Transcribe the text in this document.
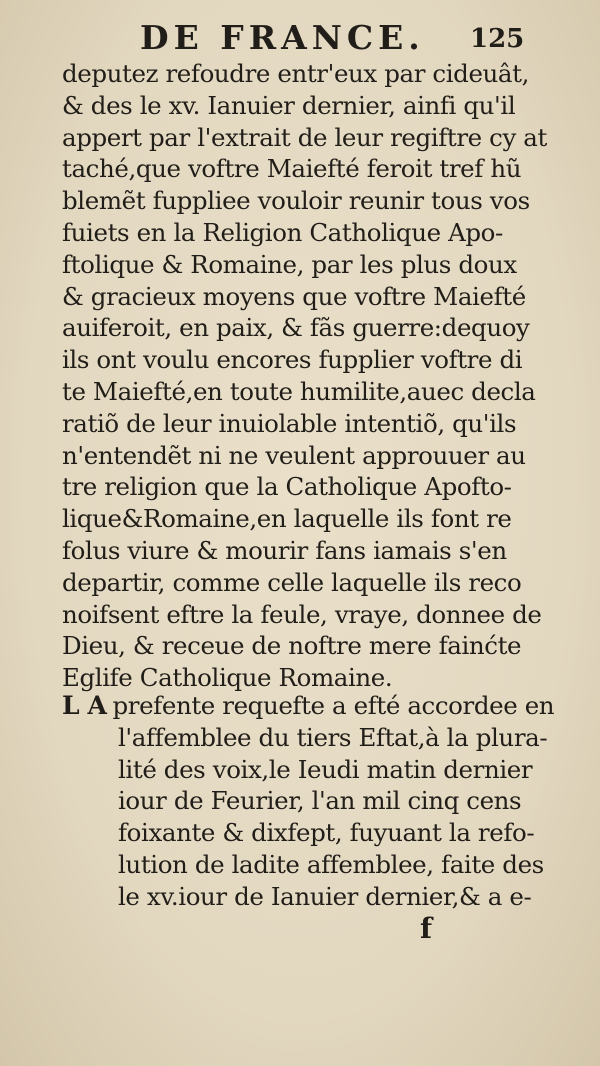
DE FRANCE. 125
deputez refoudre entr'eux par cideuât,
& des le xv. Ianuier dernier, ainfi qu'il
appert par l'extrait de leur regiftre cy at
taché,que voftre Maiefté feroit tref hũ
blemẽt fuppliee vouloir reunir tous vos
fuiets en la Religion Catholique Apo-
ftolique & Romaine, par les plus doux
& gracieux moyens que voftre Maiefté
auiferoit, en paix, & fãs guerre:dequoy
ils ont voulu encores fupplier voftre di
te Maiefté,en toute humilite,auec decla
ratiõ de leur inuiolable intentiõ, qu'ils
n'entendẽt ni ne veulent approuuer au
tre religion que la Catholique Apofto-
lique&Romaine,en laquelle ils font re
folus viure & mourir fans iamais s'en
departir, comme celle laquelle ils reco
noifsent eftre la feule, vraye, donnee de
Dieu, & receue de noftre mere fainćte
Eglife Catholique Romaine.
L A prefente requefte a efté accordee en
l'affemblee du tiers Eftat,à la plura-
lité des voix,le Ieudi matin dernier
iour de Feurier, l'an mil cinq cens
foixante & dixfept, fuyuant la refo-
lution de ladite affemblee, faite des
le xv.iour de Ianuier dernier,& a e-
f
